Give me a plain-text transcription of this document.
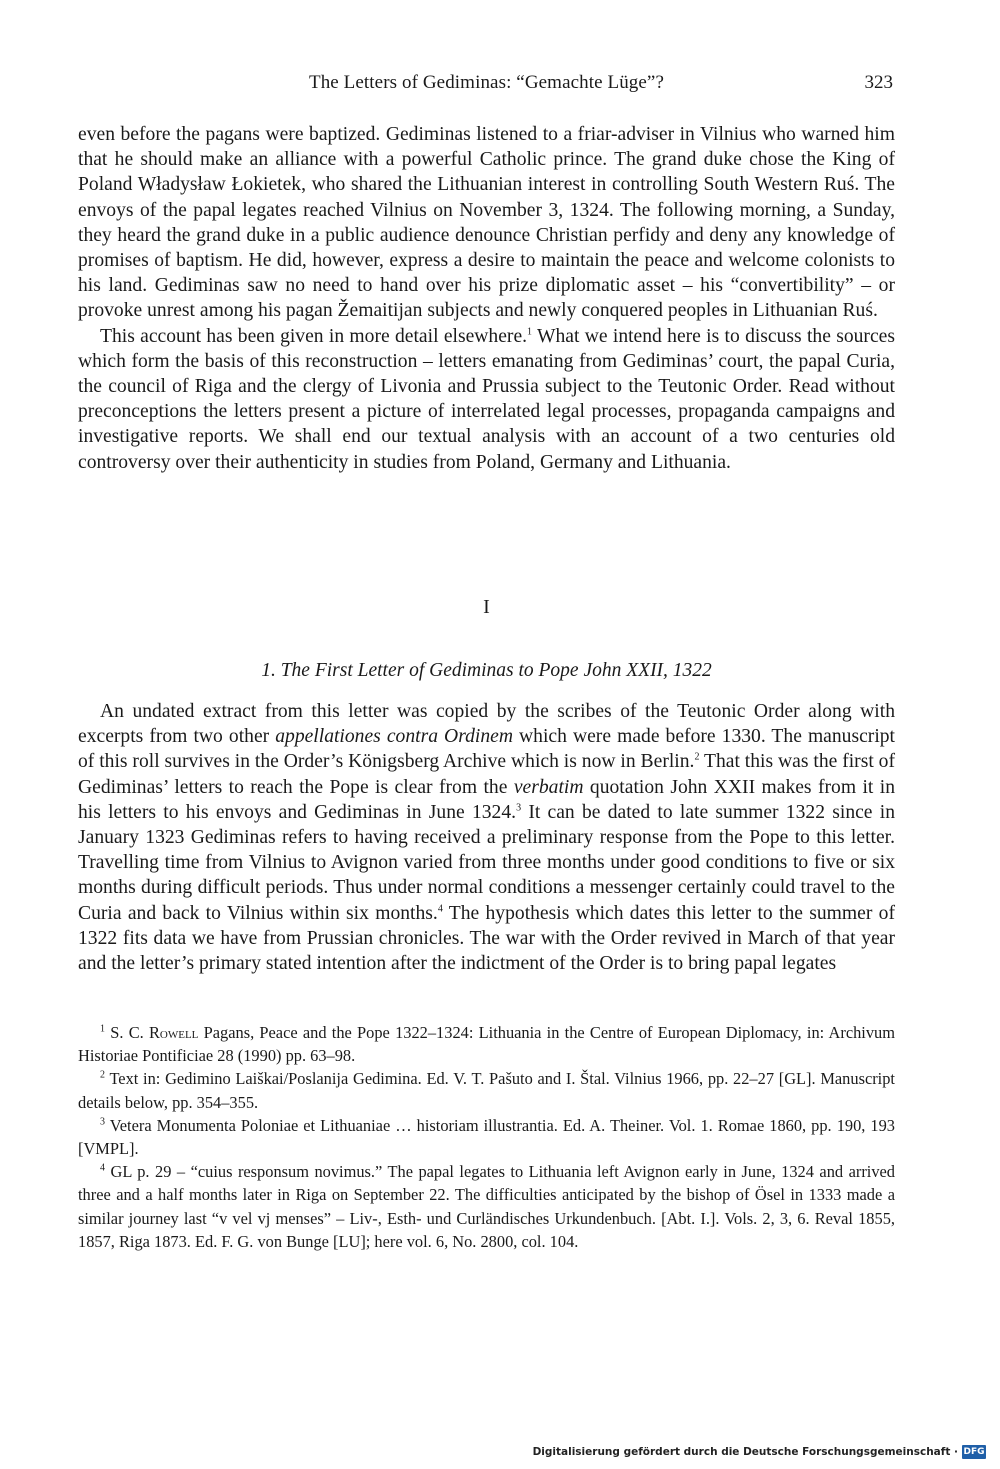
The Letters of Gediminas: “Gemachte Lüge”?	323

even before the pagans were baptized. Gediminas listened to a friar-adviser in Vilnius who warned him that he should make an alliance with a powerful Catholic prince. The grand duke chose the King of Poland Władysław Łokietek, who shared the Lithuanian interest in controlling South Western Ruś. The envoys of the papal legates reached Vilnius on November 3, 1324. The following morning, a Sunday, they heard the grand duke in a public audience denounce Christian perfidy and deny any knowledge of promises of baptism. He did, however, express a desire to maintain the peace and welcome colonists to his land. Gediminas saw no need to hand over his prize diplomatic asset – his “convertibility” – or provoke unrest among his pagan Žemaitijan subjects and newly conquered peoples in Lithuanian Ruś.

This account has been given in more detail elsewhere.$^1$ What we intend here is to discuss the sources which form the basis of this reconstruction – letters emanating from Gediminas’ court, the papal Curia, the council of Riga and the clergy of Livonia and Prussia subject to the Teutonic Order. Read without preconceptions the letters present a picture of interrelated legal processes, propaganda campaigns and investigative reports. We shall end our textual analysis with an account of a two centuries old controversy over their authenticity in studies from Poland, Germany and Lithuania.

I
1. The First Letter of Gediminas to Pope John XXII, 1322

An undated extract from this letter was copied by the scribes of the Teutonic Order along with excerpts from two other appellationes contra Ordinem which were made before 1330. The manuscript of this roll survives in the Order’s Königsberg Archive which is now in Berlin.$^2$ That this was the first of Gediminas’ letters to reach the Pope is clear from the verbatim quotation John XXII makes from it in his letters to his envoys and Gediminas in June 1324.$^3$ It can be dated to late summer 1322 since in January 1323 Gediminas refers to having received a preliminary response from the Pope to this letter. Travelling time from Vilnius to Avignon varied from three months under good conditions to five or six months during difficult periods. Thus under normal conditions a messenger certainly could travel to the Curia and back to Vilnius within six months.$^4$ The hypothesis which dates this letter to the summer of 1322 fits data we have from Prussian chronicles. The war with the Order revived in March of that year and the letter’s primary stated intention after the indictment of the Order is to bring papal legates

$^1$ S. C. Rowell Pagans, Peace and the Pope 1322–1324: Lithuania in the Centre of European Diplomacy, in: Archivum Historiae Pontificiae 28 (1990) pp. 63–98.

$^2$ Text in: Gedimino Laiškai/Poslanija Gedimina. Ed. V. T. Pašuto and I. Štal. Vilnius 1966, pp. 22–27 [GL]. Manuscript details below, pp. 354–355.

$^3$ Vetera Monumenta Poloniae et Lithuaniae … historiam illustrantia. Ed. A. Theiner. Vol. 1. Romae 1860, pp. 190, 193 [VMPL].

$^4$ GL p. 29 – “cuius responsum novimus.” The papal legates to Lithuania left Avignon early in June, 1324 and arrived three and a half months later in Riga on September 22. The difficulties anticipated by the bishop of Ösel in 1333 made a similar journey last “v vel vj menses” – Liv-, Esth- und Curländisches Urkundenbuch. [Abt. I.]. Vols. 2, 3, 6. Reval 1855, 1857, Riga 1873. Ed. F. G. von Bunge [LU]; here vol. 6, No. 2800, col. 104.

Digitalisierung gefördert durch die Deutsche Forschungsgemeinschaft · DFG
